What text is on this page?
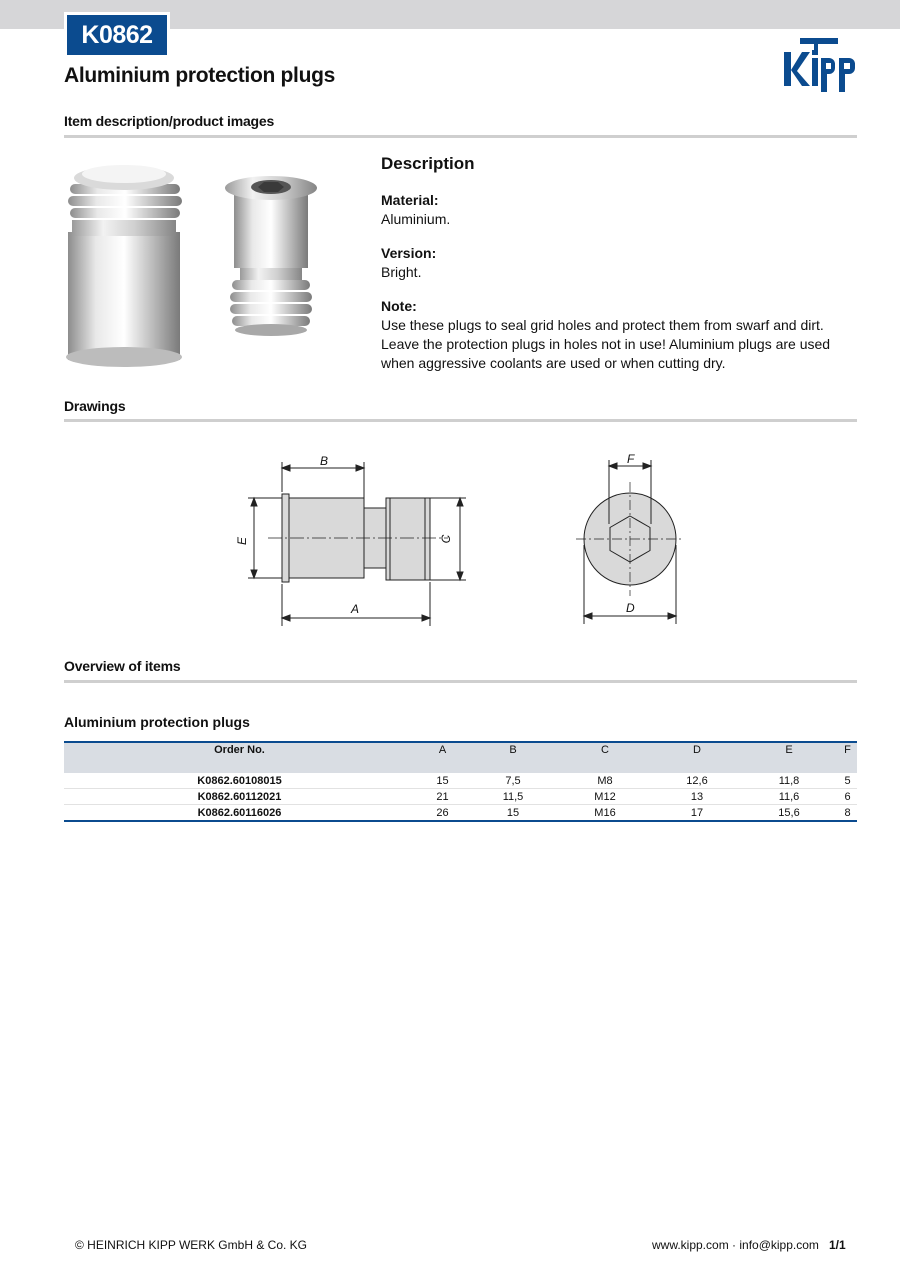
K0862
Aluminium protection plugs
Item description/product images
Description
Material:
Aluminium.
Version:
Bright.
Note:
Use these plugs to seal grid holes and protect them from swarf and dirt.
Leave the protection plugs in holes not in use! Aluminium plugs are used when aggressive coolants are used or when cutting dry.
Drawings
B
A
E	C
F
D
Overview of items
Aluminium protection plugs
Order No.	A	B	C	D	E	F
K0862.60108015	15	7,5	M8	12,6	11,8	5
K0862.60112021	21	11,5	M12	13	11,6	6
K0862.60116026	26	15	M16	17	15,6	8
© HEINRICH KIPP WERK GmbH & Co. KG	www.kipp.com · info@kipp.com 1/1
